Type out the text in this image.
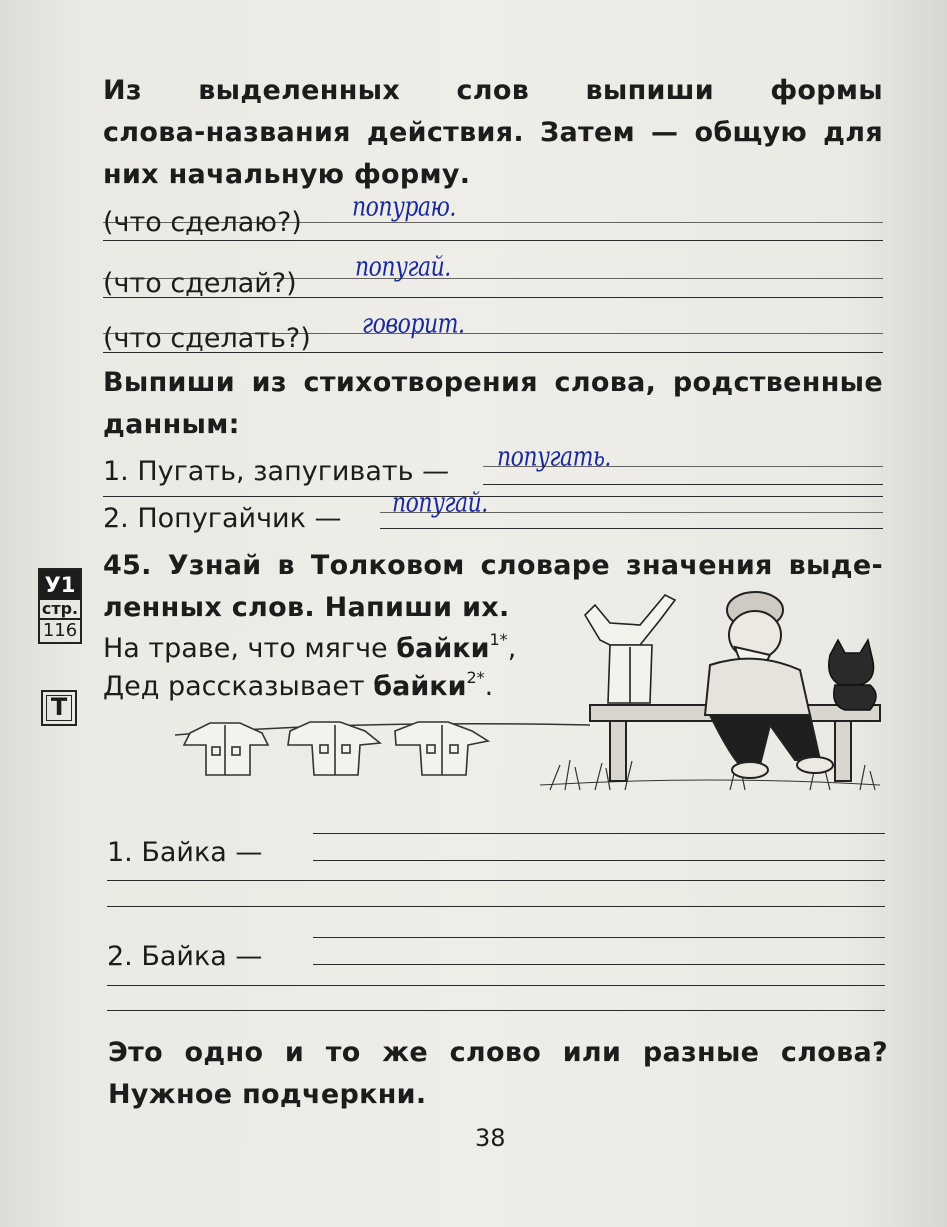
Из выделенных слов выпиши формы
слова-названия действия. Затем — общую для
них начальную форму.
(что сделаю?) попураю.
(что сделай?)
попугай.
(что сделать?) говорит.
Выпиши из стихотворения слова, родственные
данным:
1. Пугать, запугивать — попугать.
2. Попугайчик — попугай.
У1
стр.
116
Т
45. Узнай в Толковом словаре значения выде-
ленных слов. Напиши их.
На траве, что мягче байки$^{1*}$,
Дед рассказывает байки$^{2*}$.
1. Байка —
2. Байка —
Это одно и то же слово или разные слова?
Нужное подчеркни.
38
